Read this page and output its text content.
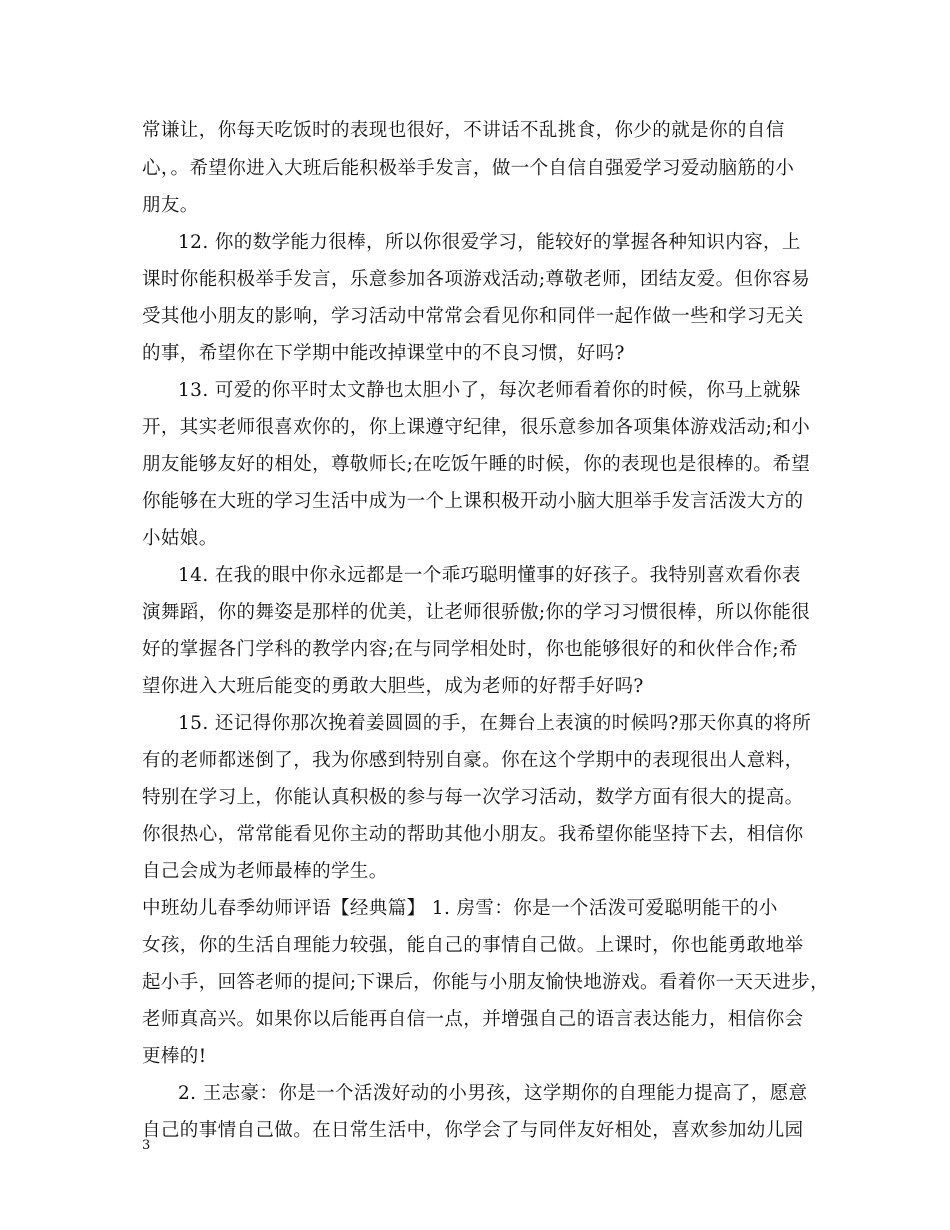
常谦让，你每天吃饭时的表现也很好，不讲话不乱挑食，你少的就是你的自信
心，。希望你进入大班后能积极举手发言，做一个自信自强爱学习爱动脑筋的小
朋友。
12. 你的数学能力很棒，所以你很爱学习，能较好的掌握各种知识内容，上
课时你能积极举手发言，乐意参加各项游戏活动;尊敬老师，团结友爱。但你容易
受其他小朋友的影响，学习活动中常常会看见你和同伴一起作做一些和学习无关
的事，希望你在下学期中能改掉课堂中的不良习惯，好吗?
13. 可爱的你平时太文静也太胆小了，每次老师看着你的时候，你马上就躲
开，其实老师很喜欢你的，你上课遵守纪律，很乐意参加各项集体游戏活动;和小
朋友能够友好的相处，尊敬师长;在吃饭午睡的时候，你的表现也是很棒的。希望
你能够在大班的学习生活中成为一个上课积极开动小脑大胆举手发言活泼大方的
小姑娘。
14. 在我的眼中你永远都是一个乖巧聪明懂事的好孩子。我特别喜欢看你表
演舞蹈，你的舞姿是那样的优美，让老师很骄傲;你的学习习惯很棒，所以你能很
好的掌握各门学科的教学内容;在与同学相处时，你也能够很好的和伙伴合作;希
望你进入大班后能变的勇敢大胆些，成为老师的好帮手好吗?
15. 还记得你那次挽着姜圆圆的手，在舞台上表演的时候吗?那天你真的将所
有的老师都迷倒了，我为你感到特别自豪。你在这个学期中的表现很出人意料，
特别在学习上，你能认真积极的参与每一次学习活动，数学方面有很大的提高。
你很热心，常常能看见你主动的帮助其他小朋友。我希望你能坚持下去，相信你
自己会成为老师最棒的学生。
中班幼儿春季幼师评语【经典篇】 1. 房雪：你是一个活泼可爱聪明能干的小
女孩，你的生活自理能力较强，能自己的事情自己做。上课时，你也能勇敢地举
起小手，回答老师的提问;下课后，你能与小朋友愉快地游戏。看着你一天天进步，
老师真高兴。如果你以后能再自信一点，并增强自己的语言表达能力，相信你会
更棒的!
2. 王志豪：你是一个活泼好动的小男孩，这学期你的自理能力提高了，愿意
自己的事情自己做。在日常生活中，你学会了与同伴友好相处，喜欢参加幼儿园
3
